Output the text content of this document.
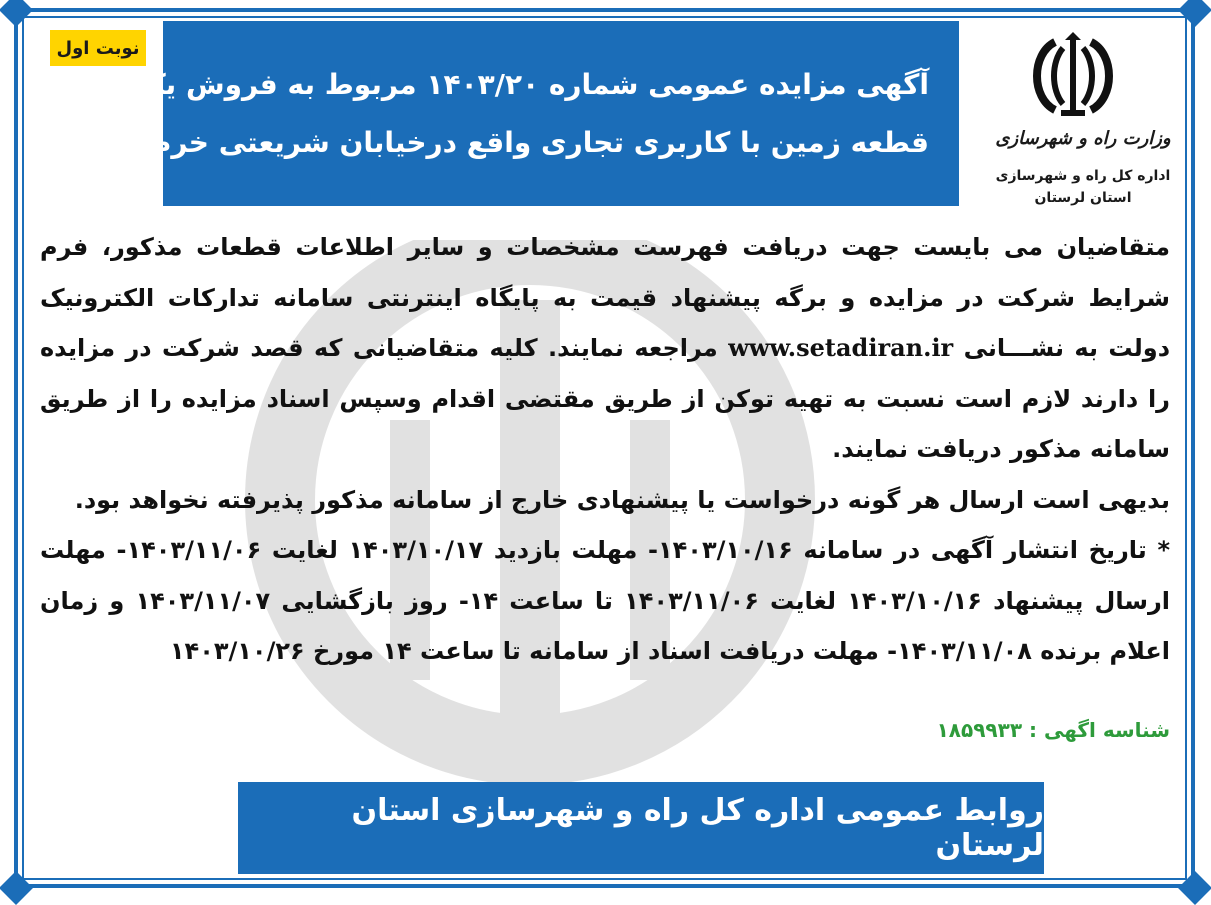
نوبت اول
آگهی مزایده عمومی شماره ۱۴۰۳/۲۰ مربوط به فروش یک
قطعه زمین با کاربری تجاری واقع درخیابان شریعتی خرم آباد	وزارت راه و شهرسازی
اداره کل راه و شهرسازی
استان لرستان

متقاضیان می بایست جهت دریافت فهرست مشخصات و سایر اطلاعات قطعات مذکور، فرم شرایط شرکت در مزایده و برگه پیشنهاد قیمت به پایگاه اینترنتی سامانه تدارکات الکترونیک دولت به نشـــانی www.setadiran.ir مراجعه نمایند. کلیه متقاضیانی که قصد شرکت در مزایده را دارند لازم است نسبت به تهیه توکن از طریق مقتضی اقدام وسپس اسناد مزایده را از طریق سامانه مذکور دریافت نمایند.

بدیهی است ارسال هر گونه درخواست یا پیشنهادی خارج از سامانه مذکور پذیرفته نخواهد بود.

* تاریخ انتشار آگهی در سامانه ۱۴۰۳/۱۰/۱۶- مهلت بازدید ۱۴۰۳/۱۰/۱۷ لغایت ۱۴۰۳/۱۱/۰۶- مهلت ارسال پیشنهاد ۱۴۰۳/۱۰/۱۶ لغایت ۱۴۰۳/۱۱/۰۶ تا ساعت ۱۴- روز بازگشایی ۱۴۰۳/۱۱/۰۷ و زمان اعلام برنده ۱۴۰۳/۱۱/۰۸- مهلت دریافت اسناد از سامانه تا ساعت ۱۴ مورخ ۱۴۰۳/۱۰/۲۶

شناسه اگهی : ۱۸۵۹۹۳۳
روابط عمومی اداره کل راه و شهرسازی استان لرستان
